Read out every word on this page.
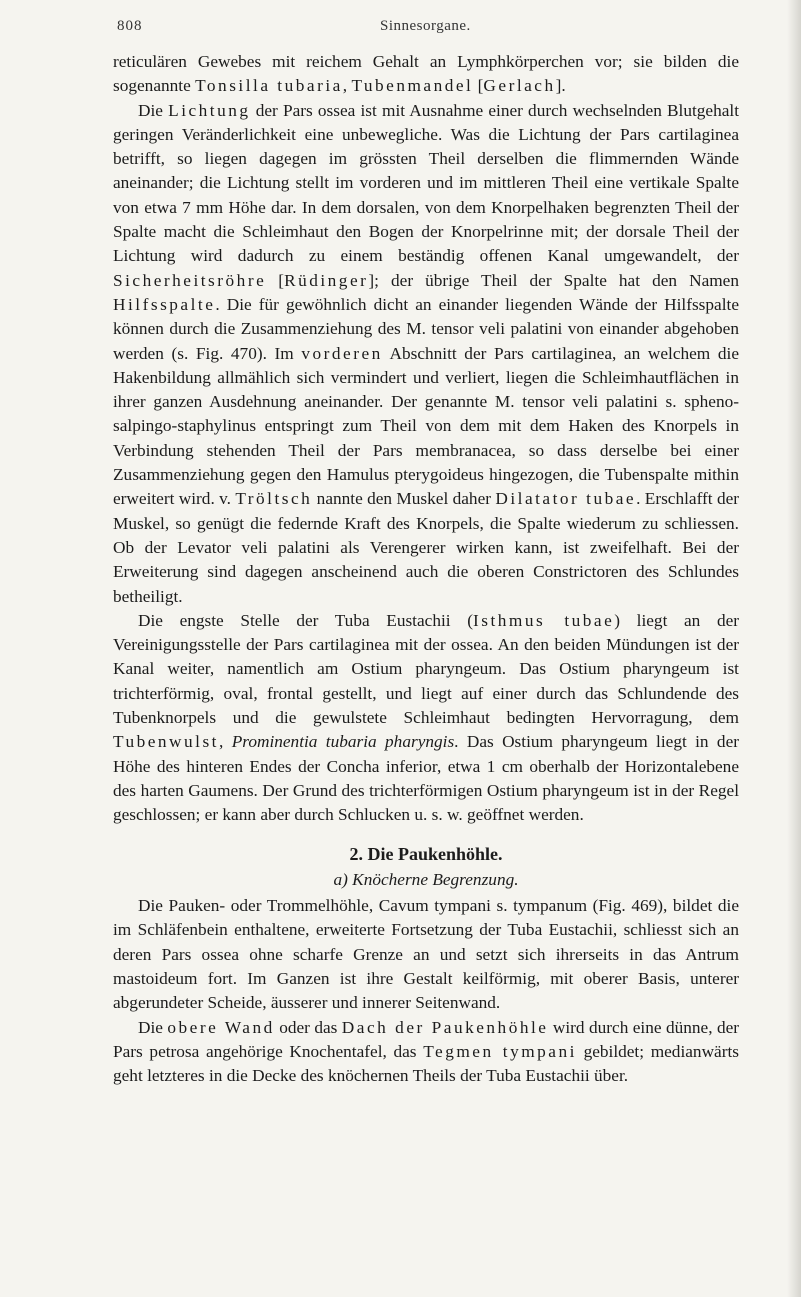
808	Sinnesorgane.

reticulären Gewebes mit reichem Gehalt an Lymphkörperchen vor; sie bilden die sogenannte Tonsilla tubaria, Tubenmandel [Gerlach].

Die Lichtung der Pars ossea ist mit Ausnahme einer durch wechselnden Blutgehalt geringen Veränderlichkeit eine unbewegliche. Was die Lichtung der Pars cartilaginea betrifft, so liegen dagegen im grössten Theil derselben die flimmernden Wände aneinander; die Lichtung stellt im vorderen und im mittleren Theil eine vertikale Spalte von etwa 7 mm Höhe dar. In dem dorsalen, von dem Knorpelhaken begrenzten Theil der Spalte macht die Schleimhaut den Bogen der Knorpelrinne mit; der dorsale Theil der Lichtung wird dadurch zu einem beständig offenen Kanal umgewandelt, der Sicherheitsröhre [Rüdinger]; der übrige Theil der Spalte hat den Namen Hilfsspalte. Die für gewöhnlich dicht an einander liegenden Wände der Hilfsspalte können durch die Zusammenziehung des M. tensor veli palatini von einander abgehoben werden (s. Fig. 470). Im vorderen Abschnitt der Pars cartilaginea, an welchem die Hakenbildung allmählich sich vermindert und verliert, liegen die Schleimhautflächen in ihrer ganzen Ausdehnung aneinander. Der genannte M. tensor veli palatini s. spheno-salpingo-staphylinus entspringt zum Theil von dem mit dem Haken des Knorpels in Verbindung stehenden Theil der Pars membranacea, so dass derselbe bei einer Zusammenziehung gegen den Hamulus pterygoideus hingezogen, die Tubenspalte mithin erweitert wird. v. Tröltsch nannte den Muskel daher Dilatator tubae. Erschlafft der Muskel, so genügt die federnde Kraft des Knorpels, die Spalte wiederum zu schliessen. Ob der Levator veli palatini als Verengerer wirken kann, ist zweifelhaft. Bei der Erweiterung sind dagegen anscheinend auch die oberen Constrictoren des Schlundes betheiligt.

Die engste Stelle der Tuba Eustachii (Isthmus tubae) liegt an der Vereinigungsstelle der Pars cartilaginea mit der ossea. An den beiden Mündungen ist der Kanal weiter, namentlich am Ostium pharyngeum. Das Ostium pharyngeum ist trichterförmig, oval, frontal gestellt, und liegt auf einer durch das Schlundende des Tubenknorpels und die gewulstete Schleimhaut bedingten Hervorragung, dem Tubenwulst, Prominentia tubaria pharyngis. Das Ostium pharyngeum liegt in der Höhe des hinteren Endes der Concha inferior, etwa 1 cm oberhalb der Horizontalebene des harten Gaumens. Der Grund des trichterförmigen Ostium pharyngeum ist in der Regel geschlossen; er kann aber durch Schlucken u. s. w. geöffnet werden.

2. Die Paukenhöhle.
a) Knöcherne Begrenzung.

Die Pauken- oder Trommelhöhle, Cavum tympani s. tympanum (Fig. 469), bildet die im Schläfenbein enthaltene, erweiterte Fortsetzung der Tuba Eustachii, schliesst sich an deren Pars ossea ohne scharfe Grenze an und setzt sich ihrerseits in das Antrum mastoideum fort. Im Ganzen ist ihre Gestalt keilförmig, mit oberer Basis, unterer abgerundeter Scheide, äusserer und innerer Seitenwand.

Die obere Wand oder das Dach der Paukenhöhle wird durch eine dünne, der Pars petrosa angehörige Knochentafel, das Tegmen tympani gebildet; medianwärts geht letzteres in die Decke des knöchernen Theils der Tuba Eustachii über.
